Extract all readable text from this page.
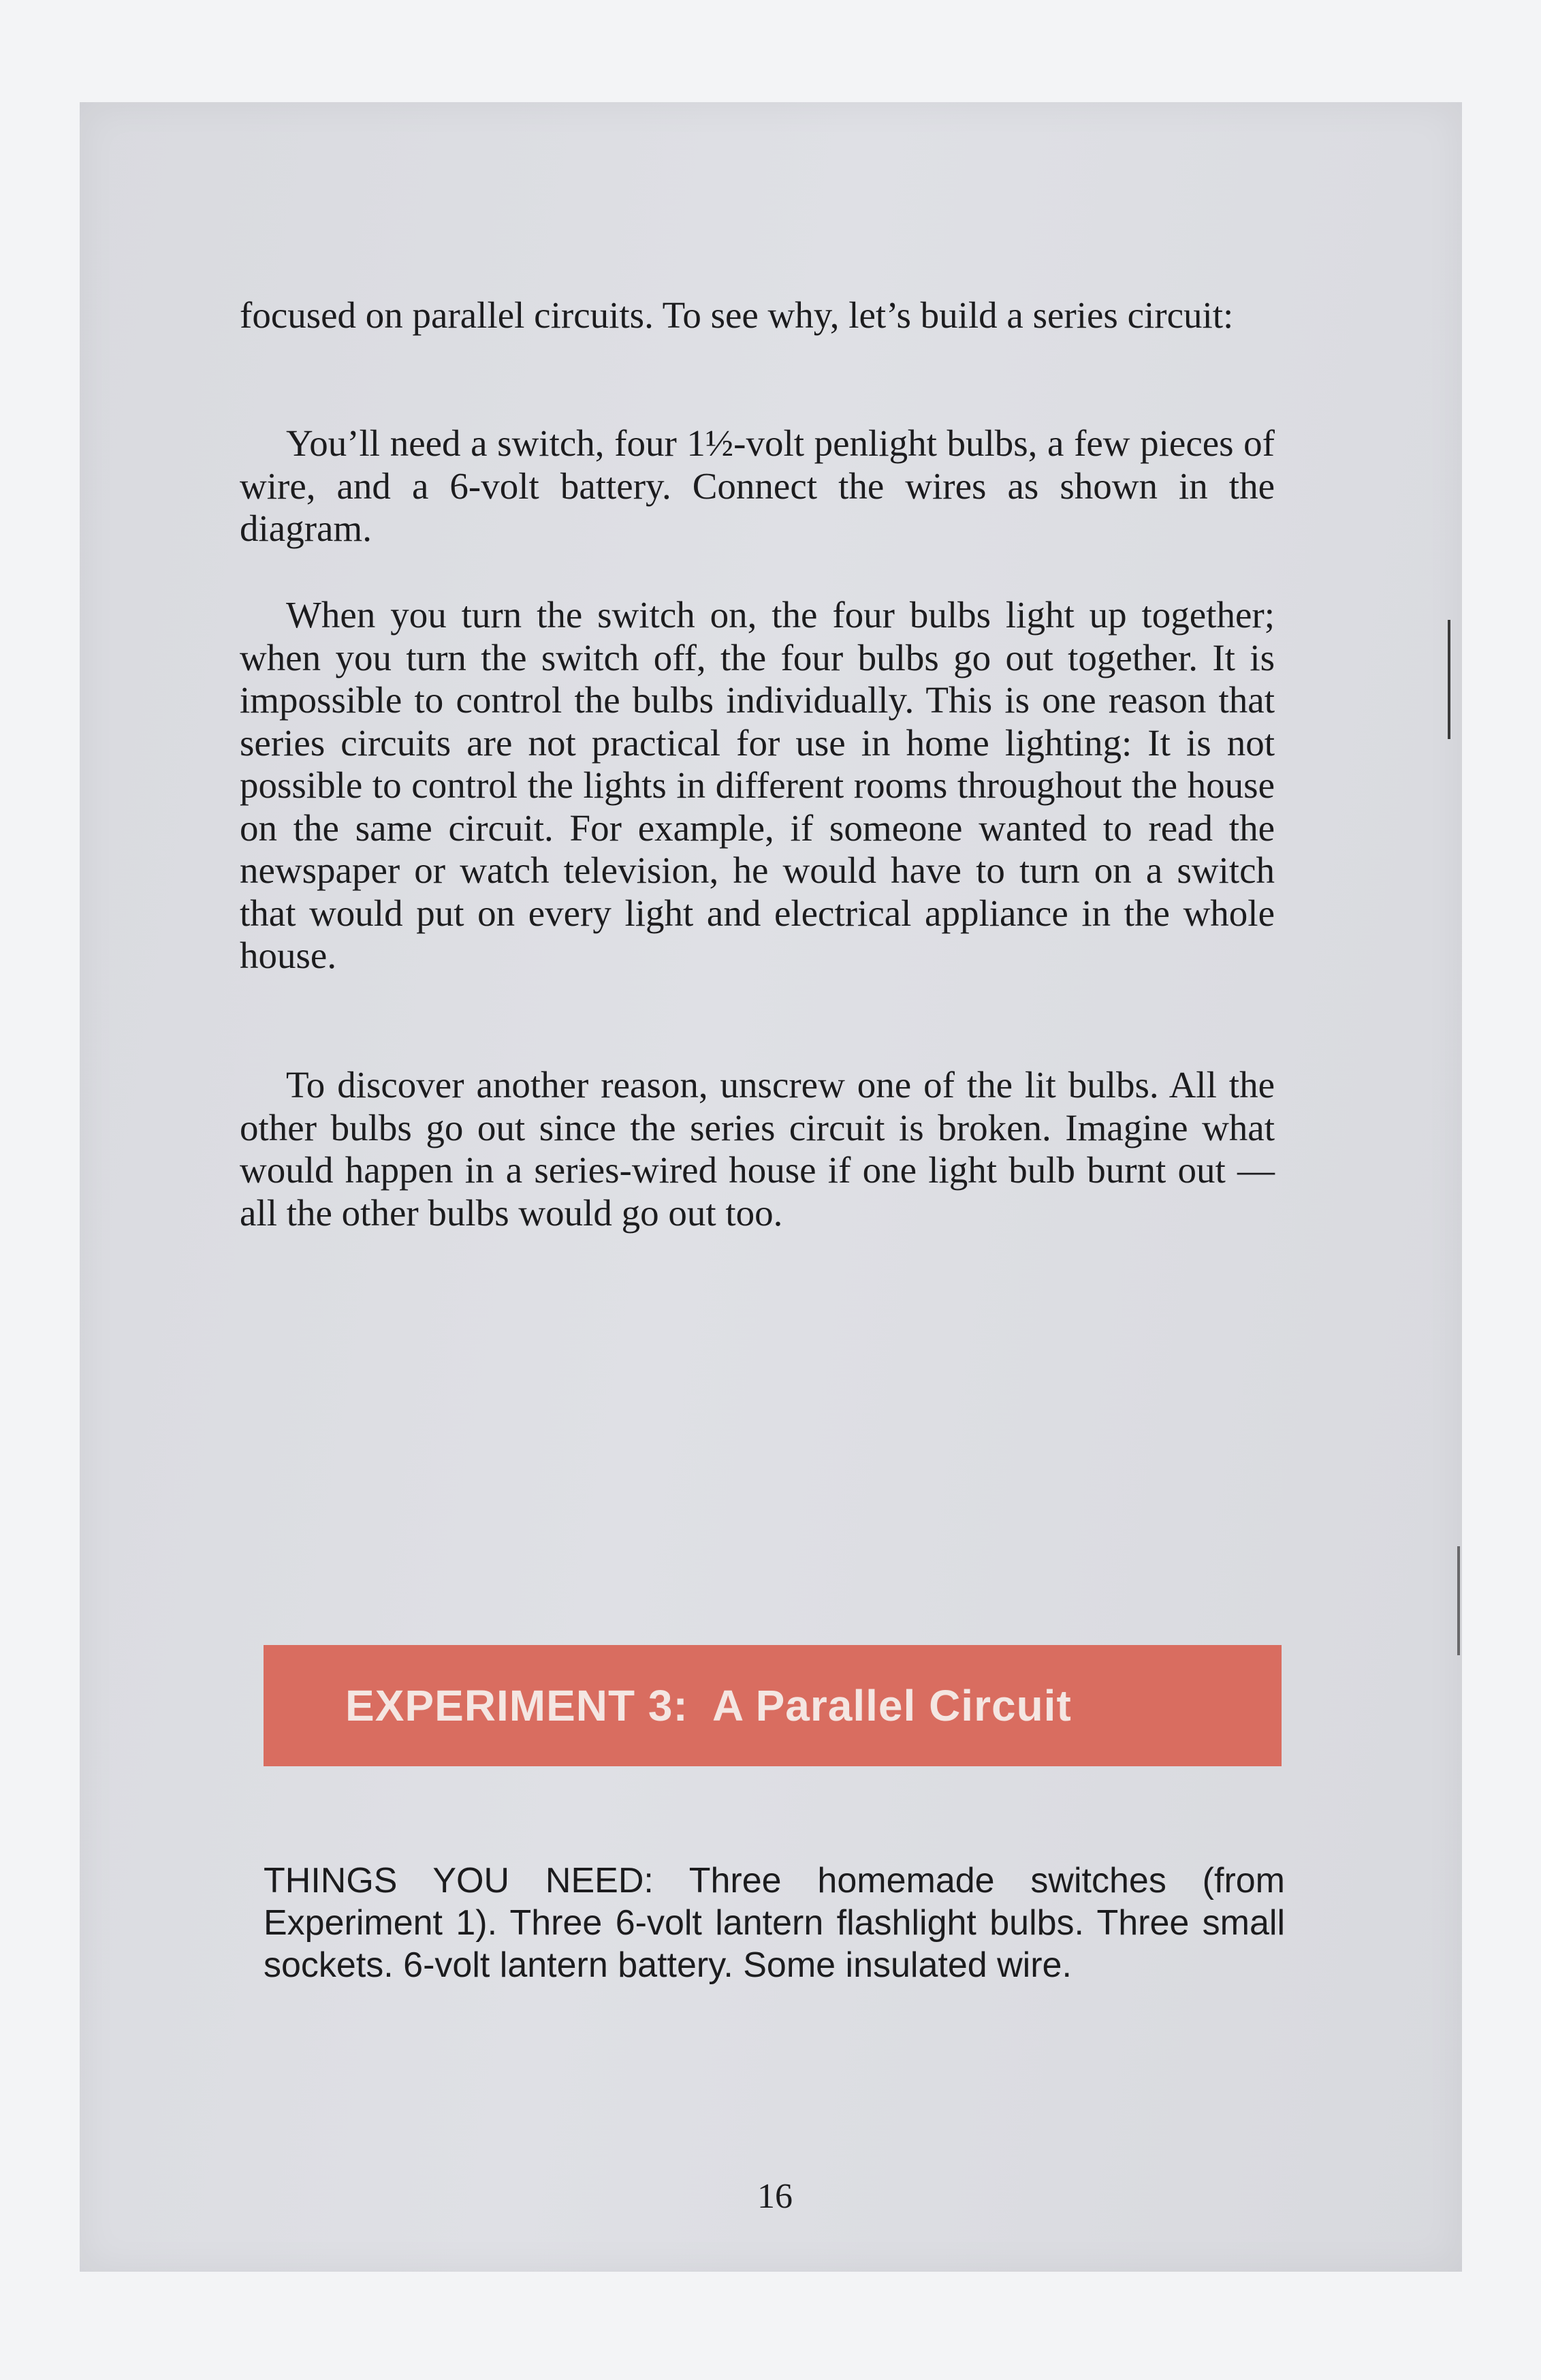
focused on parallel circuits. To see why, let’s build a series circuit:

You’ll need a switch, four 1½-volt penlight bulbs, a few pieces of wire, and a 6-volt battery. Connect the wires as shown in the diagram.

When you turn the switch on, the four bulbs light up together; when you turn the switch off, the four bulbs go out together. It is impossible to control the bulbs individually. This is one reason that series circuits are not practical for use in home lighting: It is not possible to control the lights in different rooms throughout the house on the same circuit. For example, if someone wanted to read the newspaper or watch television, he would have to turn on a switch that would put on every light and electrical appliance in the whole house.

To discover another reason, unscrew one of the lit bulbs. All the other bulbs go out since the series circuit is broken. Imagine what would happen in a series-wired house if one light bulb burnt out — all the other bulbs would go out too.

EXPERIMENT 3:  A Parallel Circuit

THINGS YOU NEED: Three homemade switches (from Experiment 1). Three 6-volt lantern flashlight bulbs. Three small sockets. 6-volt lantern battery. Some insulated wire.

16
